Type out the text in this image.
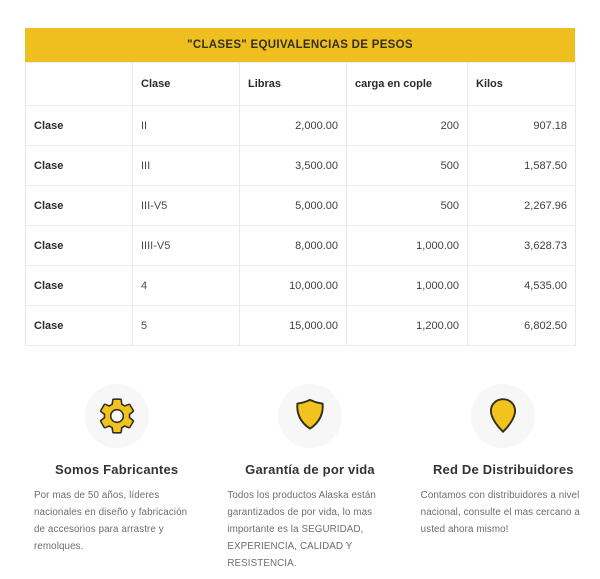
"CLASES" EQUIVALENCIAS DE PESOS
	Clase	Libras	carga en cople	Kilos
Clase	II	2,000.00	200	907.18
Clase	III	3,500.00	500	1,587.50
Clase	III-V5	5,000.00	500	2,267.96
Clase	IIII-V5	8,000.00	1,000.00	3,628.73
Clase	4	10,000.00	1,000.00	4,535.00
Clase	5	15,000.00	1,200.00	6,802.50
Somos Fabricantes

Por mas de 50 años, líderes nacionales en diseño y fabricación de accesorios para arrastre y remolques.

Garantía de por vida

Todos los productos Alaska están garantizados de por vida, lo mas importante es la SEGURIDAD, EXPERIENCIA, CALIDAD Y RESISTENCIA.

Red De Distribuidores

Contamos con distribuidores a nivel nacional, consulte el mas cercano a usted ahora mismo!
